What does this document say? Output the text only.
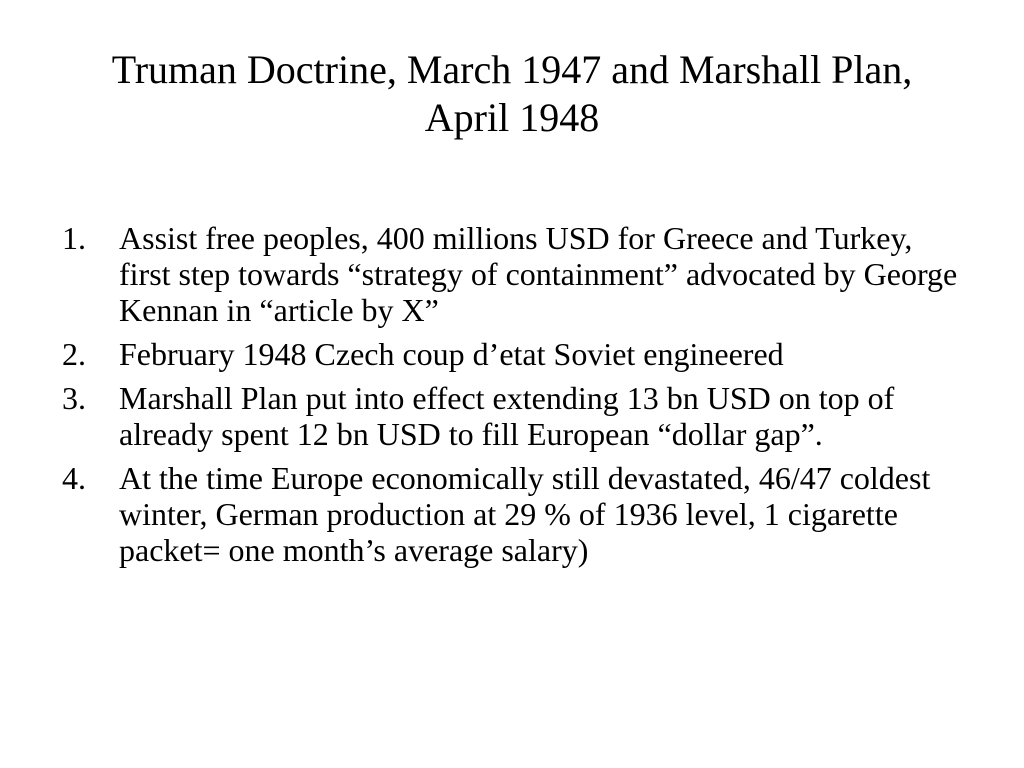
Truman Doctrine, March 1947 and Marshall Plan, April 1948
1. Assist free peoples, 400 millions USD for Greece and Turkey, first step towards “strategy of containment” advocated by George Kennan in “article by X”
2. February 1948 Czech coup d’etat Soviet engineered
3. Marshall Plan put into effect extending 13 bn USD on top of already spent 12 bn USD to fill European “dollar gap”.
4. At the time Europe economically still devastated, 46/47 coldest winter, German production at 29 % of 1936 level, 1 cigarette packet= one month’s average salary)
